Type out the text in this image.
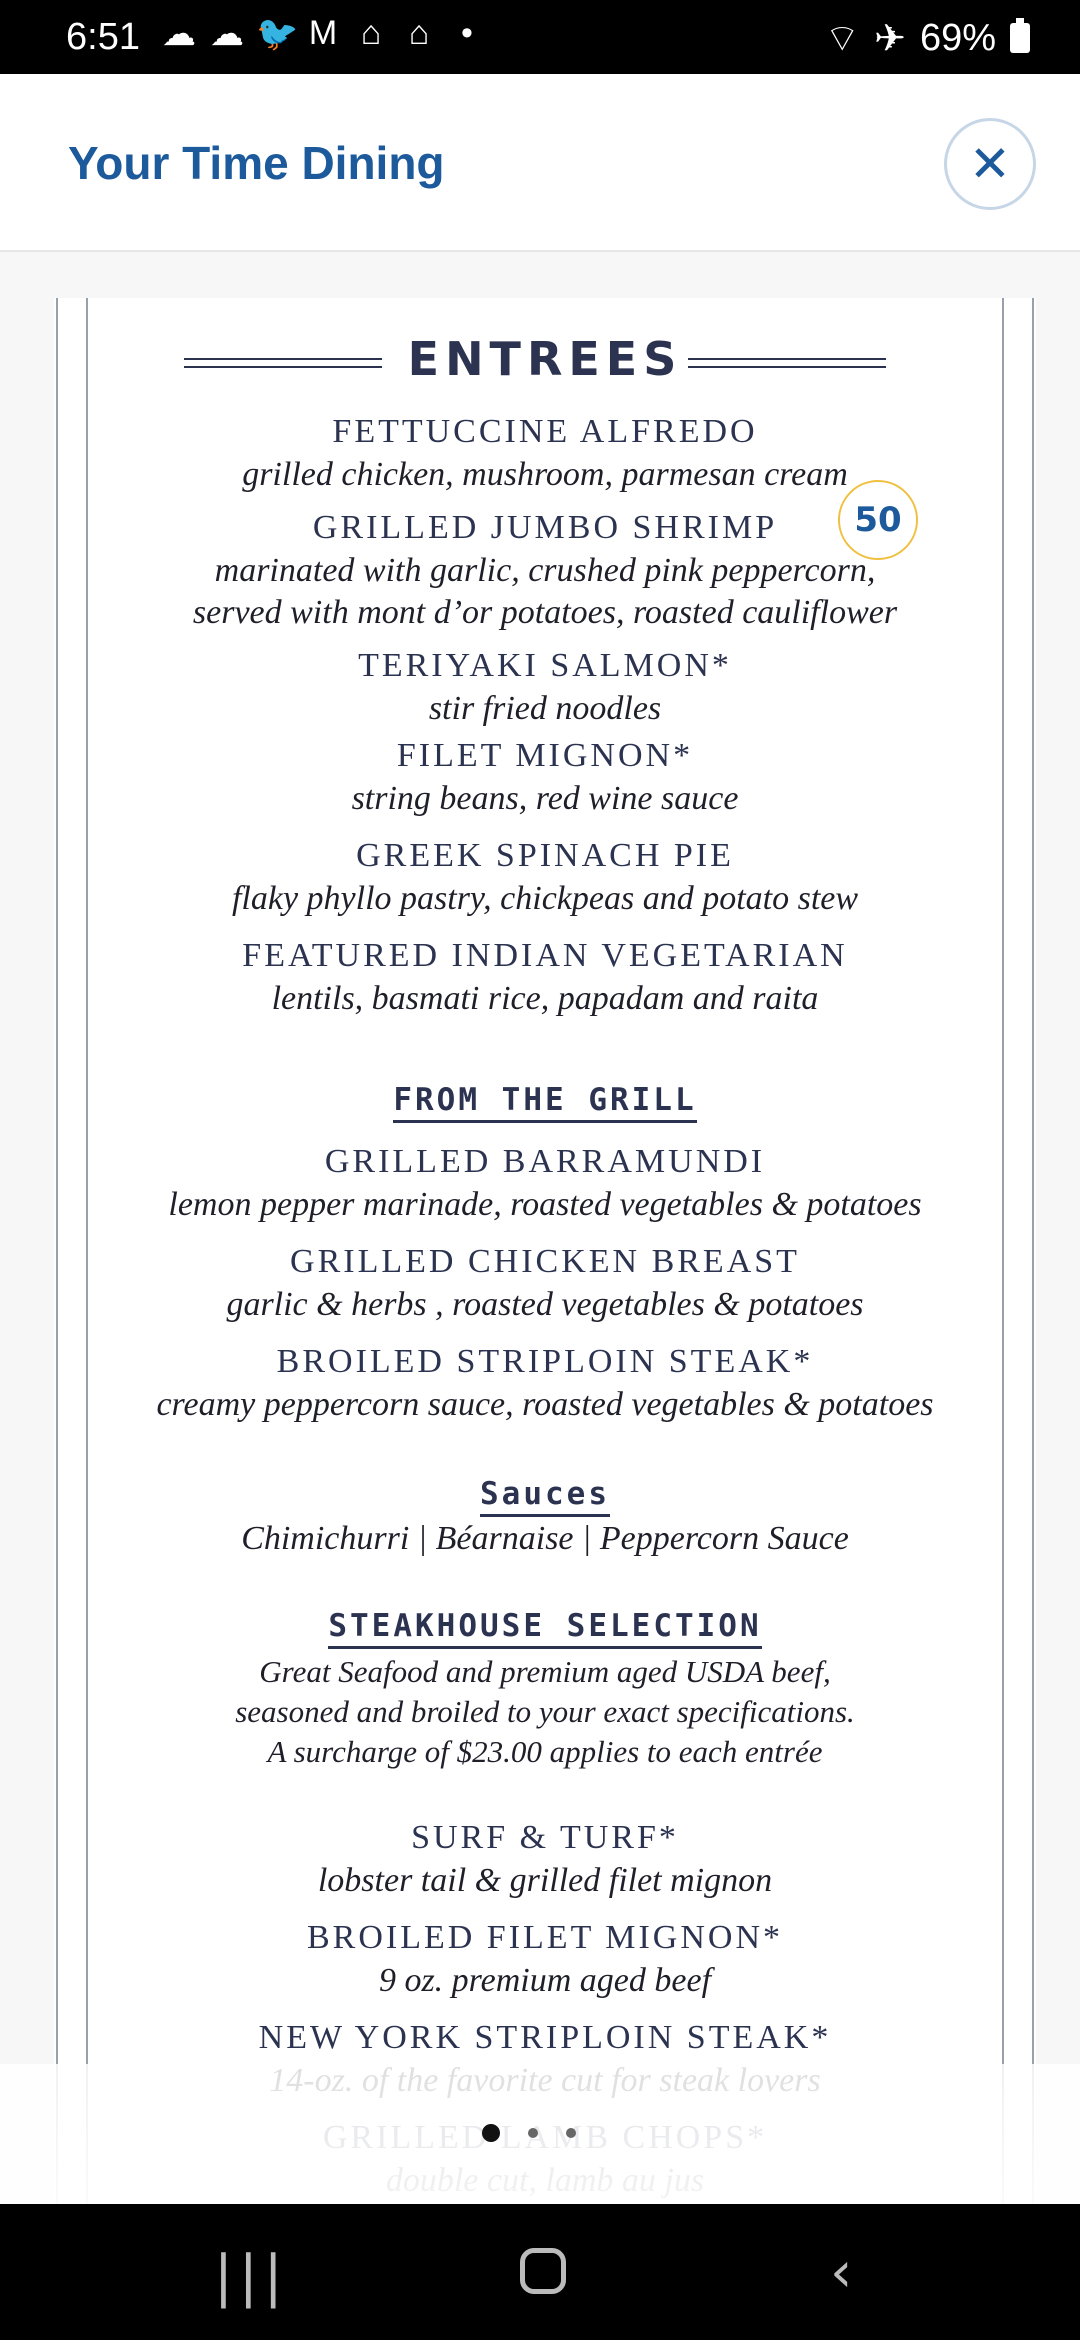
6:51 ☁ ☁ 🐦 M ⌂ ⌂ •	⌔ ✈ 69%
Your Time Dining	✕
ENTREES
FETTUCCINE ALFREDO
grilled chicken, mushroom, parmesan cream
GRILLED JUMBO SHRIMP
marinated with garlic, crushed pink peppercorn,
served with mont d’or potatoes, roasted cauliflower
50
TERIYAKI SALMON*
stir fried noodles
FILET MIGNON*
string beans, red wine sauce
GREEK SPINACH PIE
flaky phyllo pastry, chickpeas and potato stew
FEATURED INDIAN VEGETARIAN
lentils, basmati rice, papadam and raita
FROM THE GRILL
GRILLED BARRAMUNDI
lemon pepper marinade, roasted vegetables & potatoes
GRILLED CHICKEN BREAST
garlic & herbs , roasted vegetables & potatoes
BROILED STRIPLOIN STEAK*
creamy peppercorn sauce, roasted vegetables & potatoes
Sauces
Chimichurri | Béarnaise | Peppercorn Sauce
STEAKHOUSE SELECTION
Great Seafood and premium aged USDA beef,
seasoned and broiled to your exact specifications.
A surcharge of $23.00 applies to each entrée
SURF & TURF*
lobster tail & grilled filet mignon
BROILED FILET MIGNON*
9 oz. premium aged beef
NEW YORK STRIPLOIN STEAK*
|||	‹
